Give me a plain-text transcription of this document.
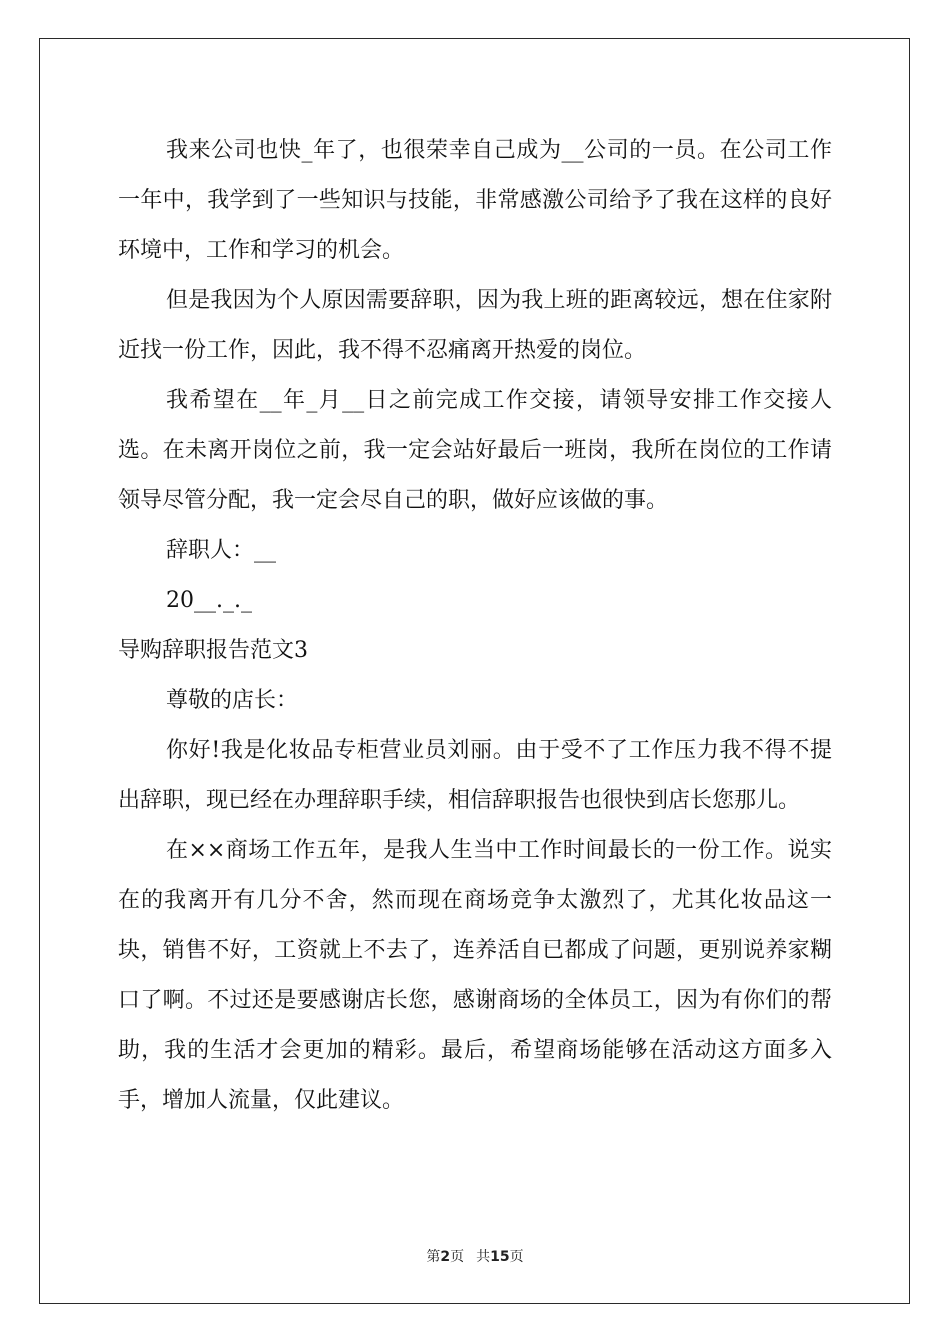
我来公司也快_年了，也很荣幸自己成为__公司的一员。在公司工作一年中，我学到了一些知识与技能，非常感激公司给予了我在这样的良好环境中，工作和学习的机会。

但是我因为个人原因需要辞职，因为我上班的距离较远，想在住家附近找一份工作，因此，我不得不忍痛离开热爱的岗位。

我希望在__年_月__日之前完成工作交接，请领导安排工作交接人选。在未离开岗位之前，我一定会站好最后一班岗，我所在岗位的工作请领导尽管分配，我一定会尽自己的职，做好应该做的事。

辞职人：__

20__._._

导购辞职报告范文3

尊敬的店长：

你好!我是化妆品专柜营业员刘丽。由于受不了工作压力我不得不提出辞职，现已经在办理辞职手续，相信辞职报告也很快到店长您那儿。

在××商场工作五年，是我人生当中工作时间最长的一份工作。说实在的我离开有几分不舍，然而现在商场竞争太激烈了，尤其化妆品这一块，销售不好，工资就上不去了，连养活自已都成了问题，更别说养家糊口了啊。不过还是要感谢店长您，感谢商场的全体员工，因为有你们的帮助，我的生活才会更加的精彩。最后，希望商场能够在活动这方面多入手，增加人流量，仅此建议。

第2页 共15页
